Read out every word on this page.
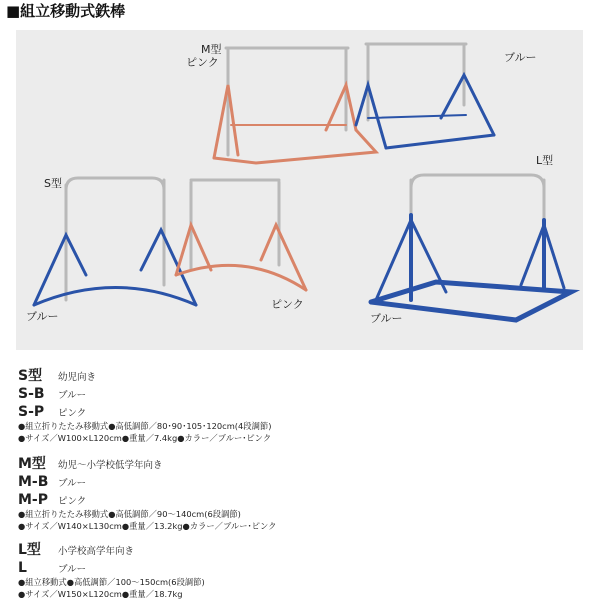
■組立移動式鉄棒
M型
ピンク	ブルー
S型
ブルー
ピンク
L型
ブルー
S型 幼児向き
S-B ブルー
S-P ピンク
●組立折りたたみ移動式●高低調節／80･90･105･120cm(4段調節)
●サイズ／W100×L120cm●重量／7.4kg●カラー／ブルー･ピンク
M型 幼児～小学校低学年向き
M-B ブルー
M-P ピンク
●組立折りたたみ移動式●高低調節／90～140cm(6段調節)
●サイズ／W140×L130cm●重量／13.2kg●カラー／ブルー･ピンク
L型 小学校高学年向き
L	ブルー
●組立移動式●高低調節／100～150cm(6段調節)
●サイズ／W150×L120cm●重量／18.7kg
